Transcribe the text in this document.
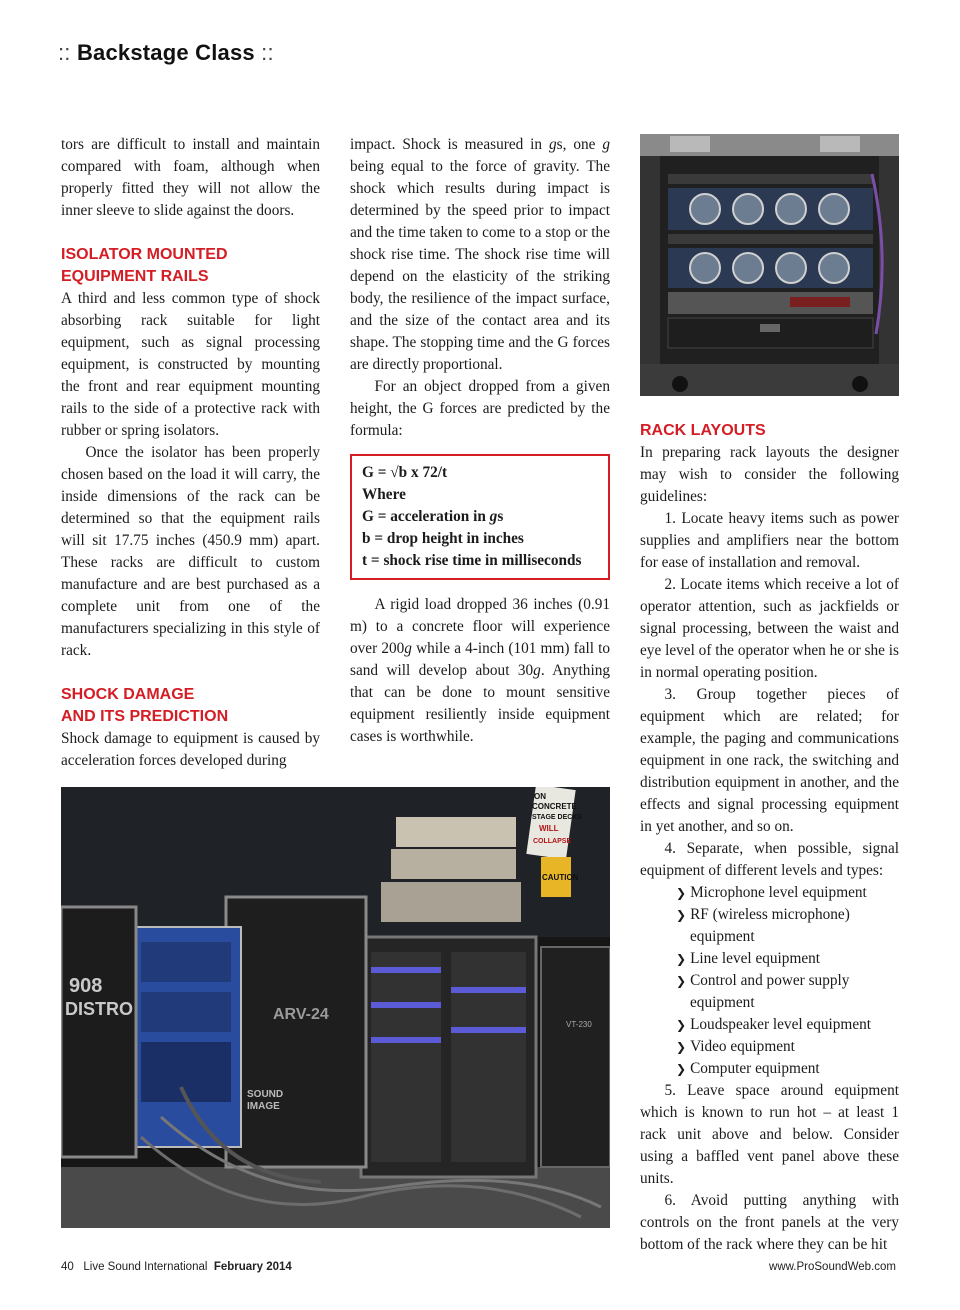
:: Backstage Class ::

tors are difficult to install and maintain compared with foam, although when properly fitted they will not allow the inner sleeve to slide against the doors.

ISOLATOR MOUNTED

EQUIPMENT RAILS

A third and less common type of shock absorbing rack suitable for light equipment, such as signal processing equipment, is constructed by mounting the front and rear equipment mounting rails to the side of a protective rack with rubber or spring isolators.

Once the isolator has been properly chosen based on the load it will carry, the inside dimensions of the rack can be determined so that the equipment rails will sit 17.75 inches (450.9 mm) apart. These racks are difficult to custom manufacture and are best purchased as a complete unit from one of the manufacturers specializing in this style of rack.

SHOCK DAMAGE

AND ITS PREDICTION

Shock damage to equipment is caused by acceleration forces developed during

impact. Shock is measured in gs, one g being equal to the force of gravity. The shock which results during impact is determined by the speed prior to impact and the time taken to come to a stop or the shock rise time. The shock rise time will depend on the elasticity of the striking body, the resilience of the impact surface, and the size of the contact area and its shape. The stopping time and the G forces are directly proportional.

For an object dropped from a given height, the G forces are predicted by the formula:

G = √b x 72/t
Where
G = acceleration in gs
b = drop height in inches
t = shock rise time in milliseconds

A rigid load dropped 36 inches (0.91 m) to a concrete floor will experience over 200g while a 4-inch (101 mm) fall to sand will develop about 30g. Anything that can be done to mount sensitive equipment resiliently inside equipment cases is worthwhile.

RACK LAYOUTS

In preparing rack layouts the designer may wish to consider the following guidelines:

1. Locate heavy items such as power supplies and amplifiers near the bottom for ease of installation and removal.

2. Locate items which receive a lot of operator attention, such as jackfields or signal processing, between the waist and eye level of the operator when he or she is in normal operating position.

3. Group together pieces of equipment which are related; for example, the paging and communications equipment in one rack, the switching and distribution equipment in another, and the effects and signal processing equipment in yet another, and so on.

4. Separate, when possible, signal equipment of different levels and types:

❯ Microphone level equipment

❯ RF (wireless microphone) equipment

❯ Line level equipment

❯ Control and power supply equipment

❯ Loudspeaker level equipment

❯ Video equipment

❯ Computer equipment

5. Leave space around equipment which is known to run hot – at least 1 rack unit above and below. Consider using a baffled vent panel above these units.

6. Avoid putting anything with controls on the front panels at the very bottom of the rack where they can be hit

ON
CONCRETE
STAGE DECKS
WILL
COLLAPSE
CAUTION
ARV-24
SOUND
IMAGE
908
DISTRO
VT-230
40 Live Sound International February 2014	www.ProSoundWeb.com
